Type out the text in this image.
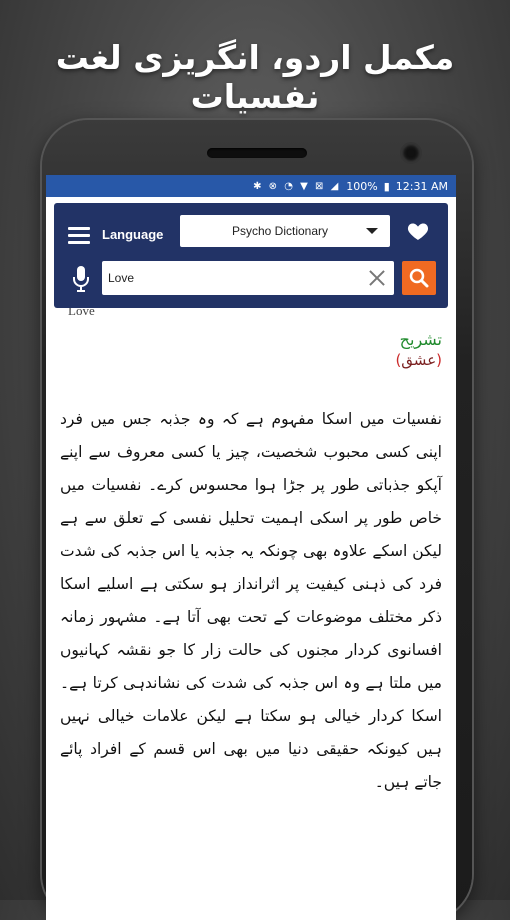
مکمل اردو، انگریزی لغت نفسیات
✱ ⊗ ◔ ▼ ⊠ ◢ 100% ▮ 12:31 AM
Language	Psycho Dictionary
Love
Love
تشریح
(عشق)
نفسیات میں اسکا مفہوم ہے کہ وہ جذبہ جس میں فرد اپنی کسی محبوب شخصیت، چیز یا کسی معروف سے اپنے آپکو جذباتی طور پر جڑا ہوا محسوس کرے۔ نفسیات میں خاص طور پر اسکی اہمیت تحلیل نفسی کے تعلق سے ہے لیکن اسکے علاوہ بھی چونکہ یہ جذبہ یا اس جذبہ کی شدت فرد کی ذہنی کیفیت پر اثرانداز ہو سکتی ہے اسلیے اسکا ذکر مختلف موضوعات کے تحت بھی آتا ہے۔ مشہور زمانہ افسانوی کردار مجنوں کی حالت زار کا جو نقشہ کہانیوں میں ملتا ہے وہ اس جذبہ کی شدت کی نشاندہی کرتا ہے۔ اسکا کردار خیالی ہو سکتا ہے لیکن علامات خیالی نہیں ہیں کیونکہ حقیقی دنیا میں بھی اس قسم کے افراد پائے جاتے ہیں۔
